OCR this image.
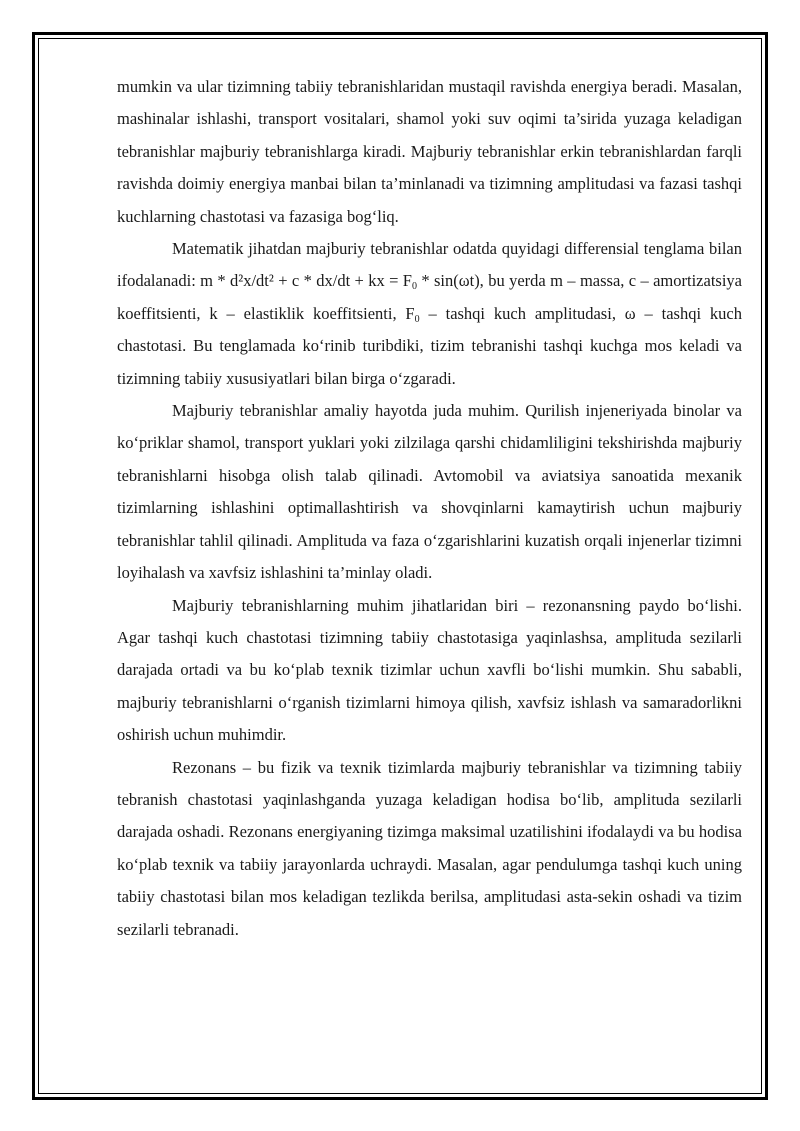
mumkin va ular tizimning tabiiy tebranishlaridan mustaqil ravishda energiya beradi. Masalan, mashinalar ishlashi, transport vositalari, shamol yoki suv oqimi ta’sirida yuzaga keladigan tebranishlar majburiy tebranishlarga kiradi. Majburiy tebranishlar erkin tebranishlardan farqli ravishda doimiy energiya manbai bilan ta’minlanadi va tizimning amplitudasi va fazasi tashqi kuchlarning chastotasi va fazasiga bog‘liq.

Matematik jihatdan majburiy tebranishlar odatda quyidagi differensial tenglama bilan ifodalanadi: m * d²x/dt² + c * dx/dt + kx = $F_0 * \sin(\omega t)$, bu yerda m – massa, c – amortizatsiya koeffitsienti, k – elastiklik koeffitsienti, $F_0$ – tashqi kuch amplitudasi, ω – tashqi kuch chastotasi. Bu tenglamada ko‘rinib turibdiki, tizim tebranishi tashqi kuchga mos keladi va tizimning tabiiy xususiyatlari bilan birga o‘zgaradi.

Majburiy tebranishlar amaliy hayotda juda muhim. Qurilish injeneriyada binolar va ko‘priklar shamol, transport yuklari yoki zilzilaga qarshi chidamliligini tekshirishda majburiy tebranishlarni hisobga olish talab qilinadi. Avtomobil va aviatsiya sanoatida mexanik tizimlarning ishlashini optimallashtirish va shovqinlarni kamaytirish uchun majburiy tebranishlar tahlil qilinadi. Amplituda va faza o‘zgarishlarini kuzatish orqali injenerlar tizimni loyihalash va xavfsiz ishlashini ta’minlay oladi.

Majburiy tebranishlarning muhim jihatlaridan biri – rezonansning paydo bo‘lishi. Agar tashqi kuch chastotasi tizimning tabiiy chastotasiga yaqinlashsa, amplituda sezilarli darajada ortadi va bu ko‘plab texnik tizimlar uchun xavfli bo‘lishi mumkin. Shu sababli, majburiy tebranishlarni o‘rganish tizimlarni himoya qilish, xavfsiz ishlash va samaradorlikni oshirish uchun muhimdir.

Rezonans – bu fizik va texnik tizimlarda majburiy tebranishlar va tizimning tabiiy tebranish chastotasi yaqinlashganda yuzaga keladigan hodisa bo‘lib, amplituda sezilarli darajada oshadi. Rezonans energiyaning tizimga maksimal uzatilishini ifodalaydi va bu hodisa ko‘plab texnik va tabiiy jarayonlarda uchraydi. Masalan, agar pendulumga tashqi kuch uning tabiiy chastotasi bilan mos keladigan tezlikda berilsa, amplitudasi asta-sekin oshadi va tizim sezilarli tebranadi.
